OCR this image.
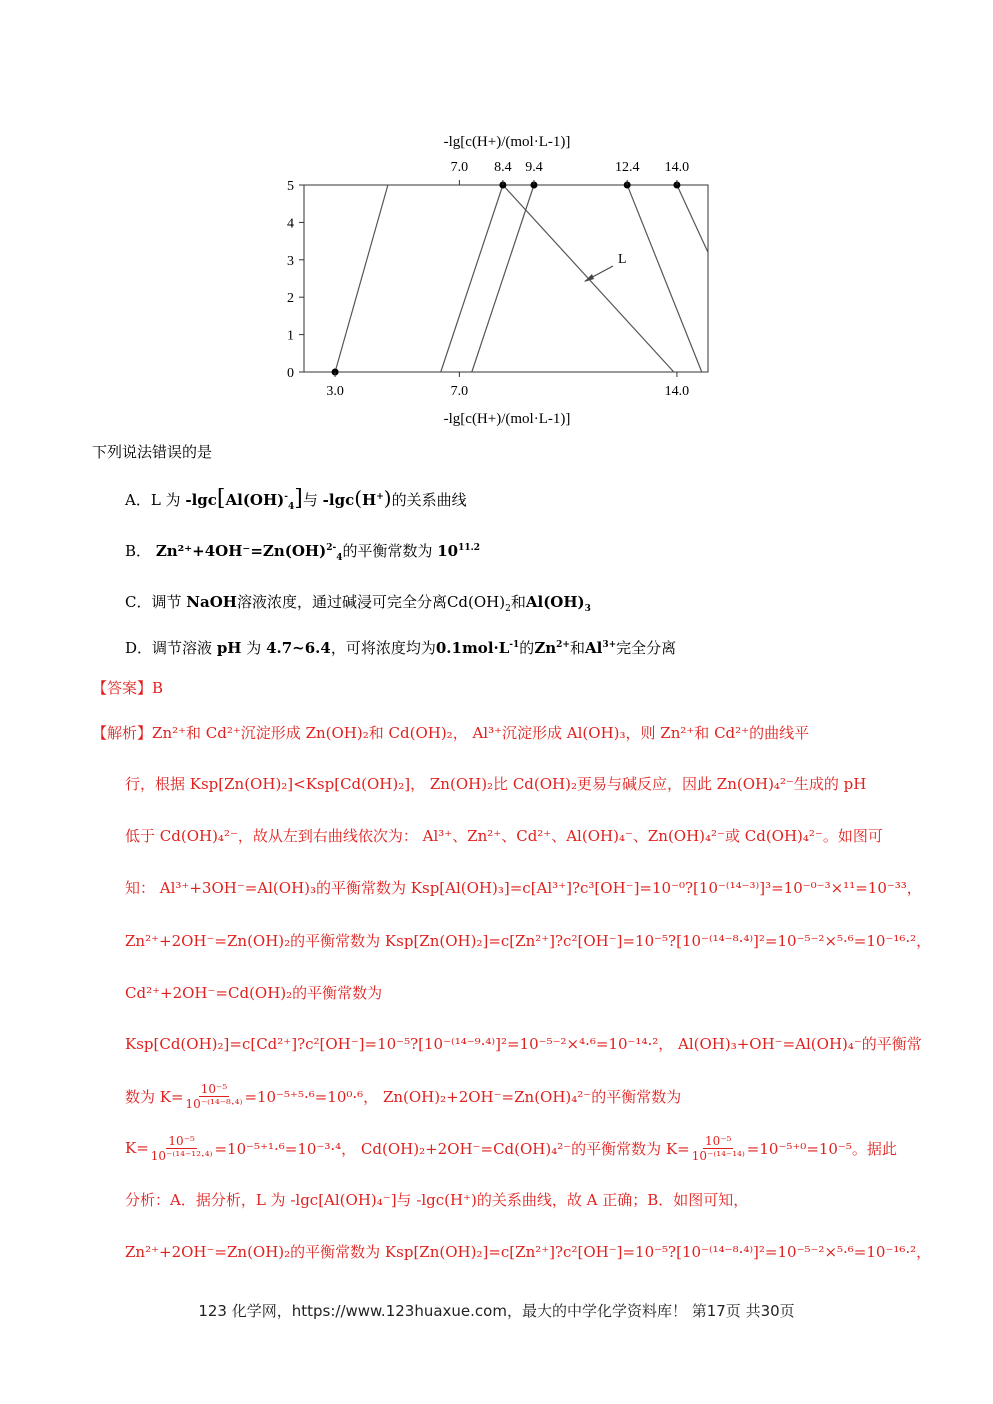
0
1
2
3
4
5
7.0 8.4 9.4	12.4 14.0
3.0	7.0	14.0
-lg[c(H+)/(mol·L-1)]
-lg[c(H+)/(mol·L-1)]
L
下列说法错误的是
A．L 为 $-\lg c[Al(OH)^-_4]$与 -lgc(H+)的关系曲线
B． Zn²⁺+4OH⁻=Zn(OH)$^{2-}_4$的平衡常数为 $10^{11.2}$
C．调节 NaOH溶液浓度，通过碱浸可完全分离$Cd(OH)_2$和$Al(OH)_3$
D．调节溶液 pH 为 4.7~6.4，可将浓度均为$0.1mol\cdot L^{-1}$的$Zn^{2+}$和$Al^{3+}$完全分离
【答案】B
【解析】Zn²⁺和 Cd²⁺沉淀形成 Zn(OH)₂和 Cd(OH)₂， Al³⁺沉淀形成 Al(OH)₃，则 Zn²⁺和 Cd²⁺的曲线平
行，根据 Ksp[Zn(OH)₂]<Ksp[Cd(OH)₂]， Zn(OH)₂比 Cd(OH)₂更易与碱反应，因此 Zn(OH)₄²⁻生成的 pH
低于 Cd(OH)₄²⁻，故从左到右曲线依次为： Al³⁺、Zn²⁺、Cd²⁺、Al(OH)₄⁻、Zn(OH)₄²⁻或 Cd(OH)₄²⁻。如图可
知： Al³⁺+3OH⁻=Al(OH)₃的平衡常数为 Ksp[Al(OH)₃]=c[Al³⁺]?c³[OH⁻]=10⁻⁰?[10⁻⁽¹⁴⁻³⁾]³=10⁻⁰⁻³×¹¹=10⁻³³，
Zn²⁺+2OH⁻=Zn(OH)₂的平衡常数为 Ksp[Zn(OH)₂]=c[Zn²⁺]?c²[OH⁻]=10⁻⁵?[10⁻⁽¹⁴⁻⁸·⁴⁾]²=10⁻⁵⁻²×⁵·⁶=10⁻¹⁶·²，
Cd²⁺+2OH⁻=Cd(OH)₂的平衡常数为
Ksp[Cd(OH)₂]=c[Cd²⁺]?c²[OH⁻]=10⁻⁵?[10⁻⁽¹⁴⁻⁹·⁴⁾]²=10⁻⁵⁻²×⁴·⁶=10⁻¹⁴·²， Al(OH)₃+OH⁻=Al(OH)₄⁻的平衡常
数为 $K= \frac{\text{10⁻⁵}}{\text{10⁻⁽¹⁴⁻⁸·⁴⁾}} =10^{-5+5}\cdot^6=10^0\cdot^6$， Zn(OH)₂+2OH⁻=Zn(OH)₄²⁻的平衡常数为
$K= \frac{\text{10⁻⁵}}{\text{10⁻⁽¹⁴⁻¹²·⁴⁾}} =10^{-5+1}\cdot^6=10^{-3}\cdot^4$， Cd(OH)₂+2OH⁻=Cd(OH)₄²⁻的平衡常数为 $K= \frac{\text{10⁻⁵}}{\text{10⁻⁽¹⁴⁻¹⁴⁾}} =10^{-5+0}=10^{-5}$。据此
分析：A．据分析，L 为 -lgc[Al(OH)₄⁻]与 -lgc(H⁺)的关系曲线，故 A 正确；B．如图可知，
Zn²⁺+2OH⁻=Zn(OH)₂的平衡常数为 Ksp[Zn(OH)₂]=c[Zn²⁺]?c²[OH⁻]=10⁻⁵?[10⁻⁽¹⁴⁻⁸·⁴⁾]²=10⁻⁵⁻²×⁵·⁶=10⁻¹⁶·²，
123 化学网，https://www.123huaxue.com，最大的中学化学资料库！ 第17页 共30页
